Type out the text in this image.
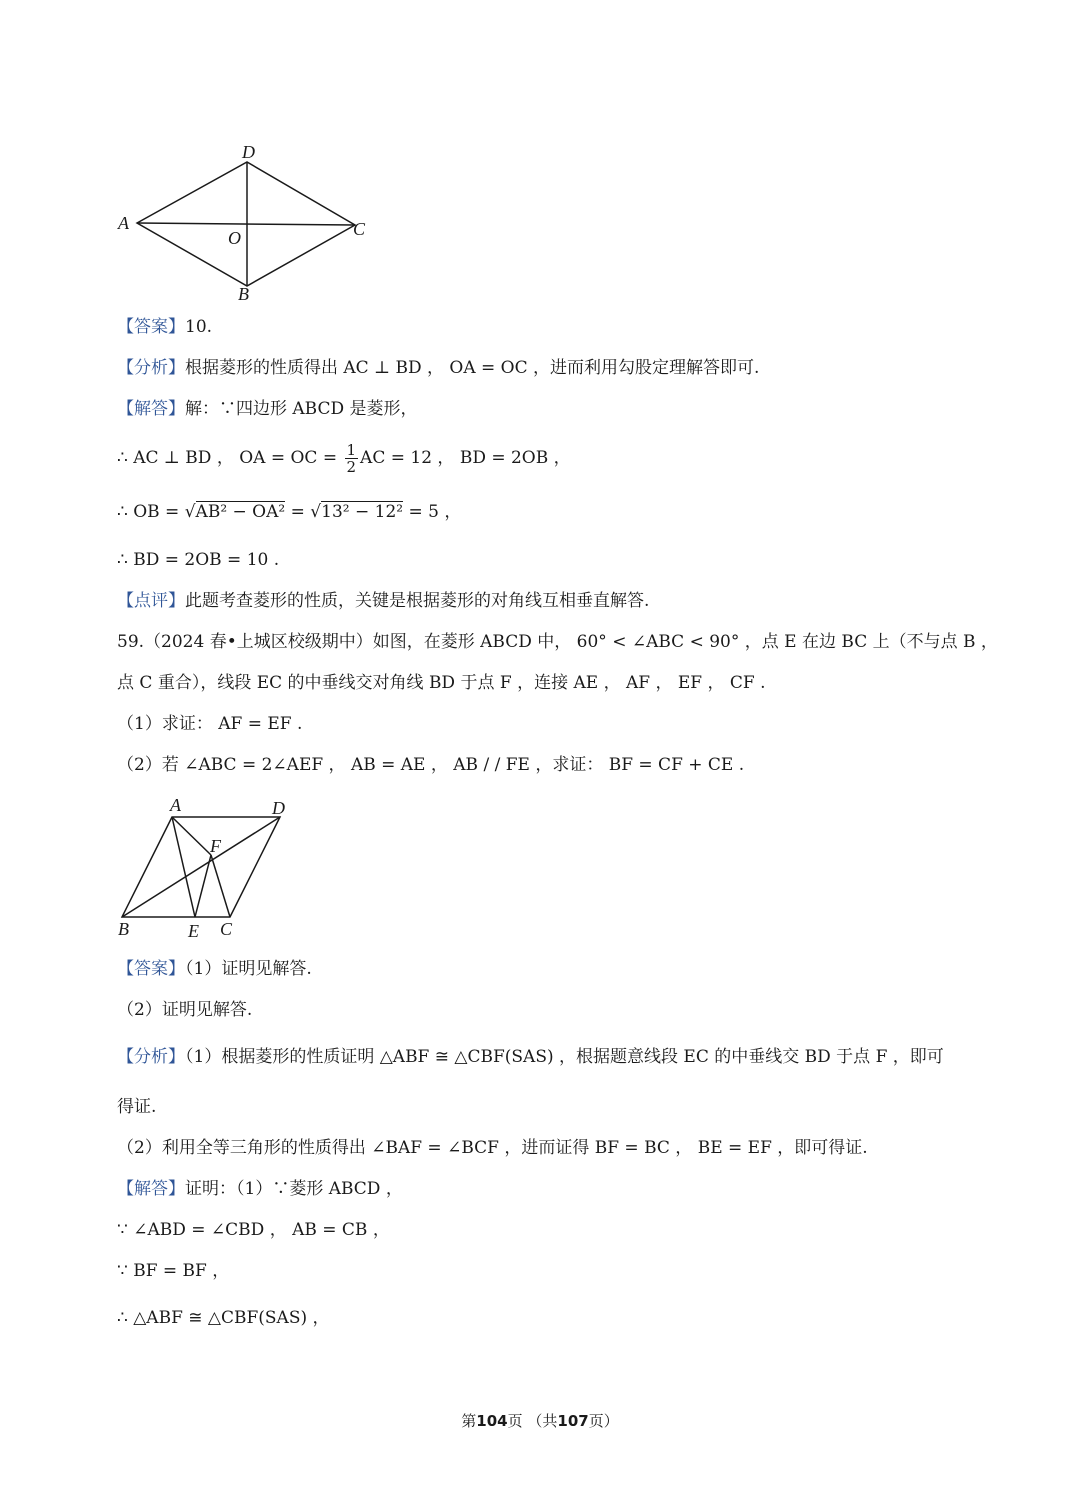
D
A	C
O
B
【答案】10.
【分析】根据菱形的性质得出 AC ⊥ BD ， OA = OC ，进而利用勾股定理解答即可.
【解答】解：∵四边形 ABCD 是菱形，
∴ AC ⊥ BD ， OA = OC = $\frac{1}{2}$ AC = 12 ， BD = 2OB ，
∴ OB = √AB² − OA² = √13² − 12² = 5 ，
∴ BD = 2OB = 10 .
【点评】此题考查菱形的性质，关键是根据菱形的对角线互相垂直解答.
59.（2024 春•上城区校级期中）如图，在菱形 ABCD 中， 60° < ∠ABC < 90° ，点 E 在边 BC 上（不与点 B ，
点 C 重合），线段 EC 的中垂线交对角线 BD 于点 F ，连接 AE ， AF ， EF ， CF .
（1）求证： AF = EF .
（2）若 ∠ABC = 2∠AEF ， AB = AE ， AB / / FE ，求证： BF = CF + CE .
A	D
F
B	E C
【答案】（1）证明见解答.
（2）证明见解答.
【分析】（1）根据菱形的性质证明 △ABF ≅ △CBF(SAS) ，根据题意线段 EC 的中垂线交 BD 于点 F ，即可
得证.
（2）利用全等三角形的性质得出 ∠BAF = ∠BCF ，进而证得 BF = BC ， BE = EF ，即可得证.
【解答】证明：（1）∵菱形 ABCD ，
∵ ∠ABD = ∠CBD ， AB = CB ，
∵ BF = BF ，
∴ △ABF ≅ △CBF(SAS) ，
第104页 （共107页）
